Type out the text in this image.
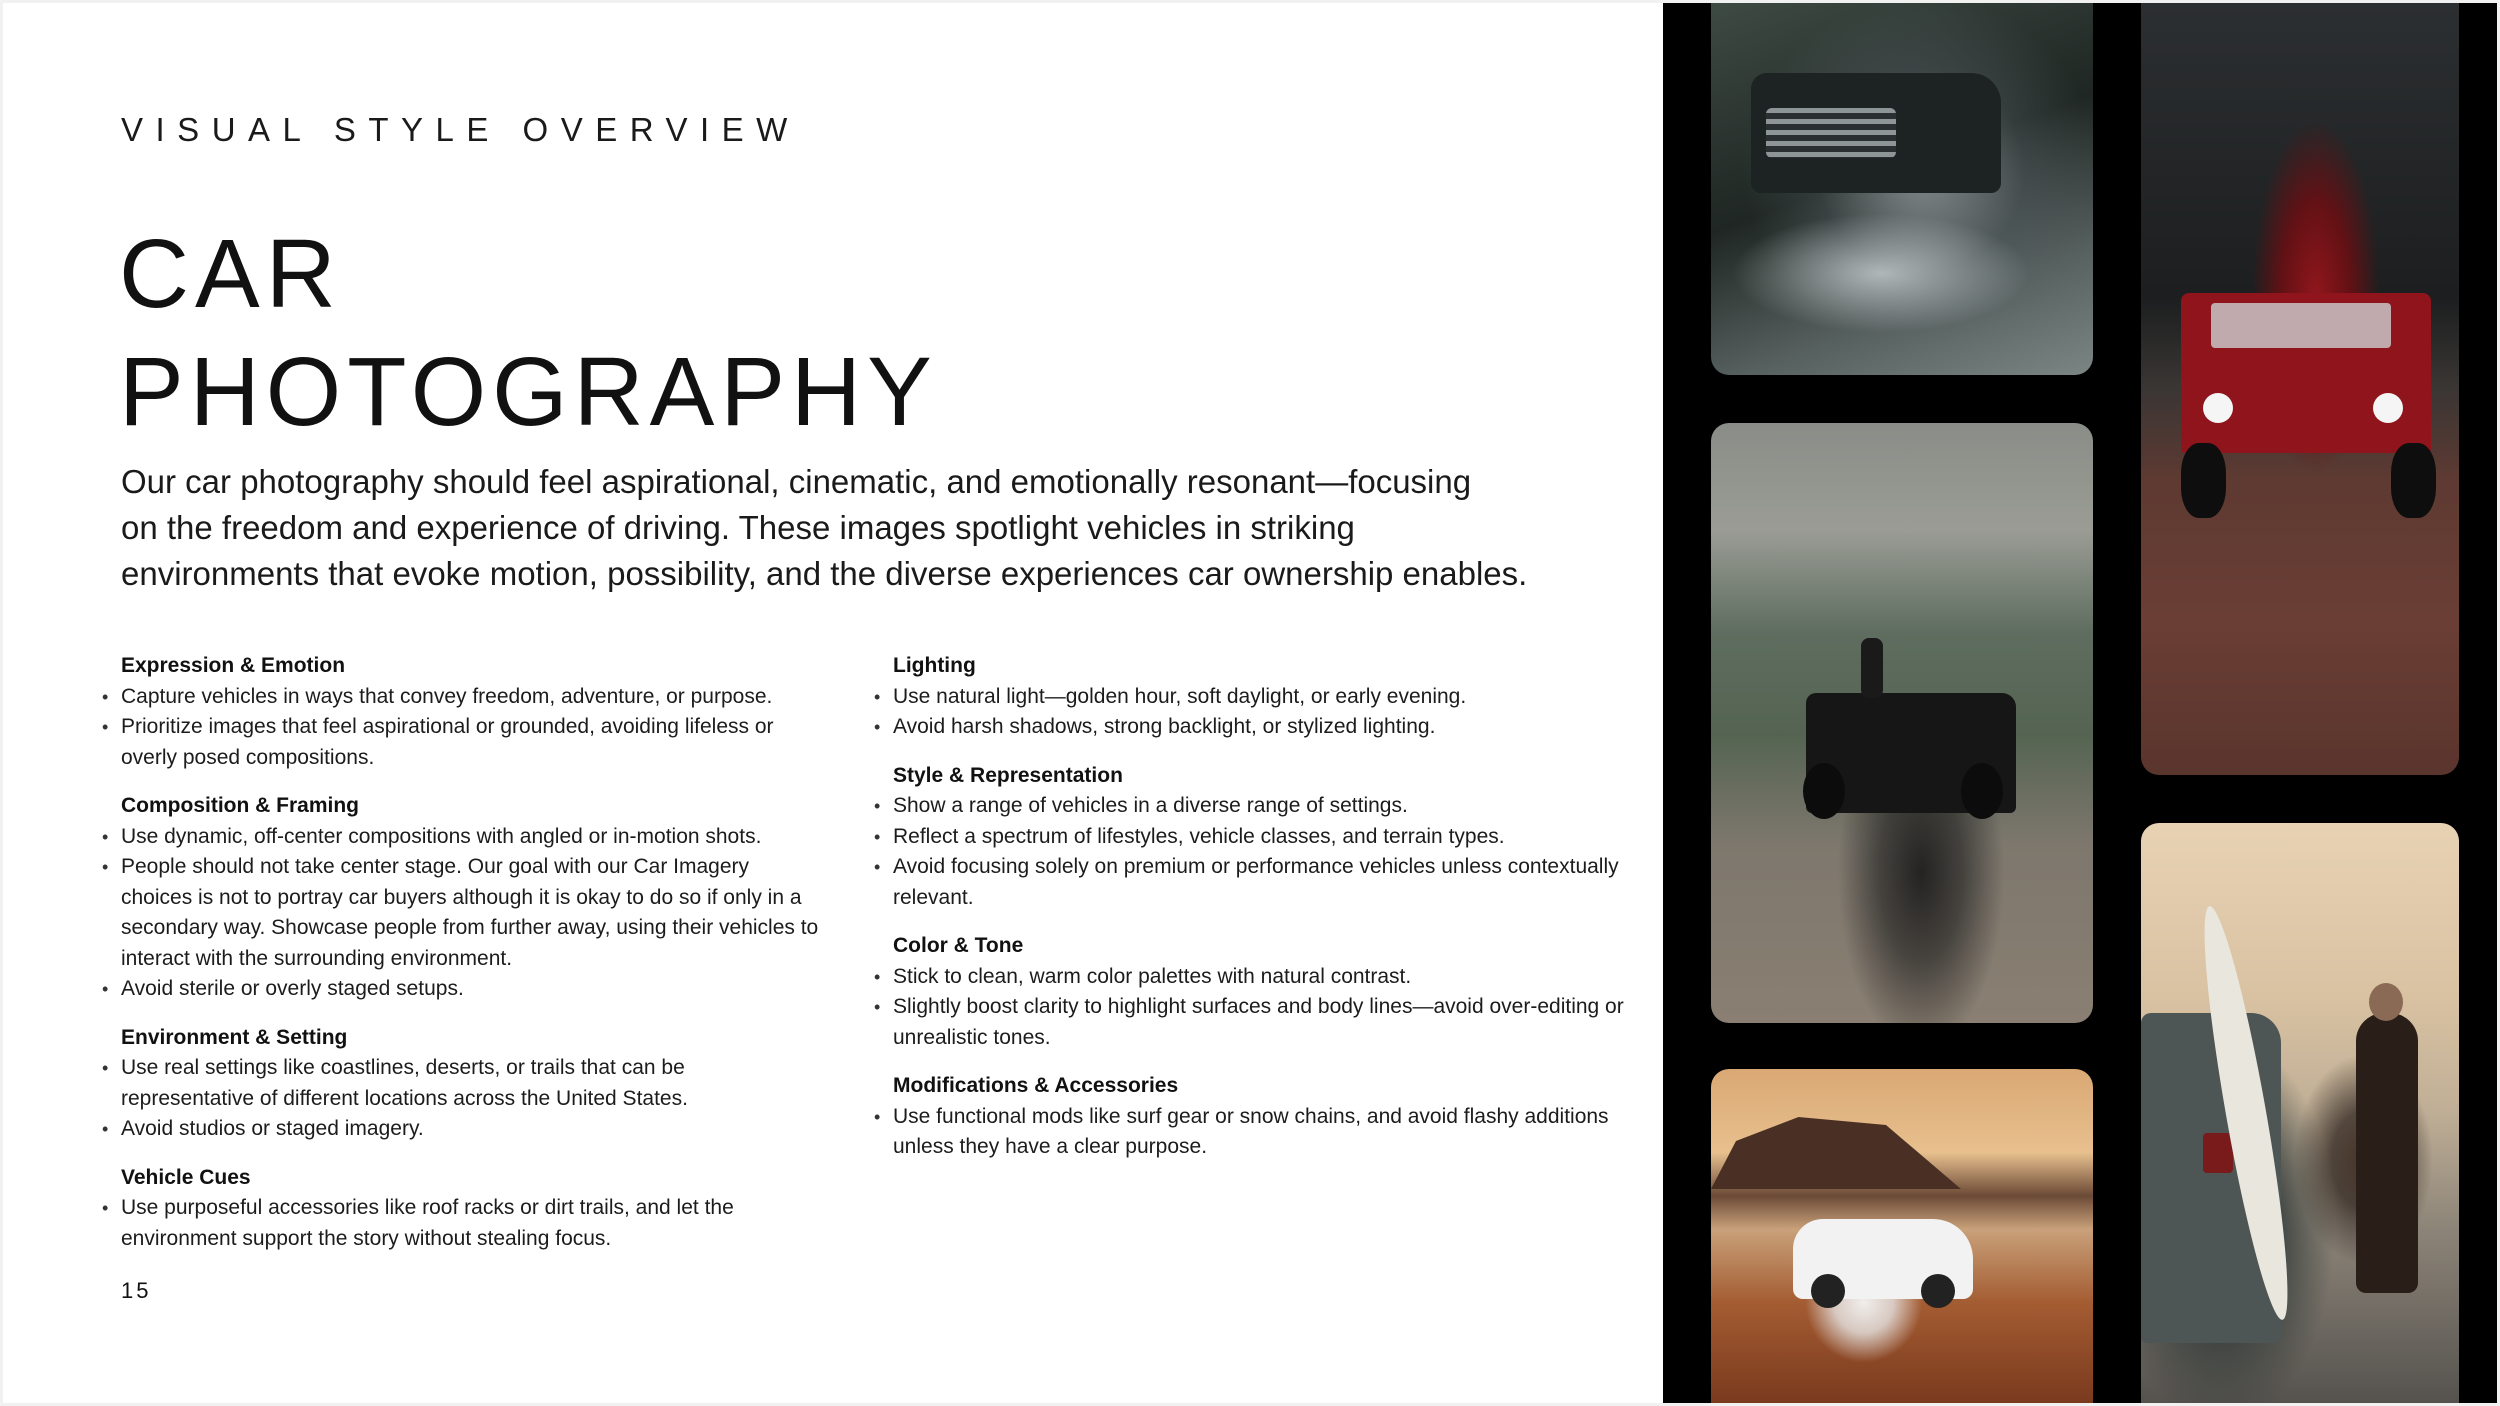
VISUAL STYLE OVERVIEW
CAR
PHOTOGRAPHY

Our car photography should feel aspirational, cinematic, and emotionally resonant—focusing
on the freedom and experience of driving. These images spotlight vehicles in striking
environments that evoke motion, possibility, and the diverse experiences car ownership enables.

Expression & Emotion
• Capture vehicles in ways that convey freedom, adventure, or purpose.
• Prioritize images that feel aspirational or grounded, avoiding lifeless or overly posed compositions.
Composition & Framing
• Use dynamic, off-center compositions with angled or in-motion shots.
• People should not take center stage. Our goal with our Car Imagery choices is not to portray car buyers although it is okay to do so if only in a secondary way. Showcase people from further away, using their vehicles to interact with the surrounding environment.
• Avoid sterile or overly staged setups.
Environment & Setting
• Use real settings like coastlines, deserts, or trails that can be representative of different locations across the United States.
• Avoid studios or staged imagery.
Vehicle Cues
• Use purposeful accessories like roof racks or dirt trails, and let the environment support the story without stealing focus.
Lighting
• Use natural light—golden hour, soft daylight, or early evening.
• Avoid harsh shadows, strong backlight, or stylized lighting.
Style & Representation
• Show a range of vehicles in a diverse range of settings.
• Reflect a spectrum of lifestyles, vehicle classes, and terrain types.
• Avoid focusing solely on premium or performance vehicles unless contextually relevant.
Color & Tone
• Stick to clean, warm color palettes with natural contrast.
• Slightly boost clarity to highlight surfaces and body lines—avoid over-editing or unrealistic tones.
Modifications & Accessories
• Use functional mods like surf gear or snow chains, and avoid flashy additions unless they have a clear purpose.
15
